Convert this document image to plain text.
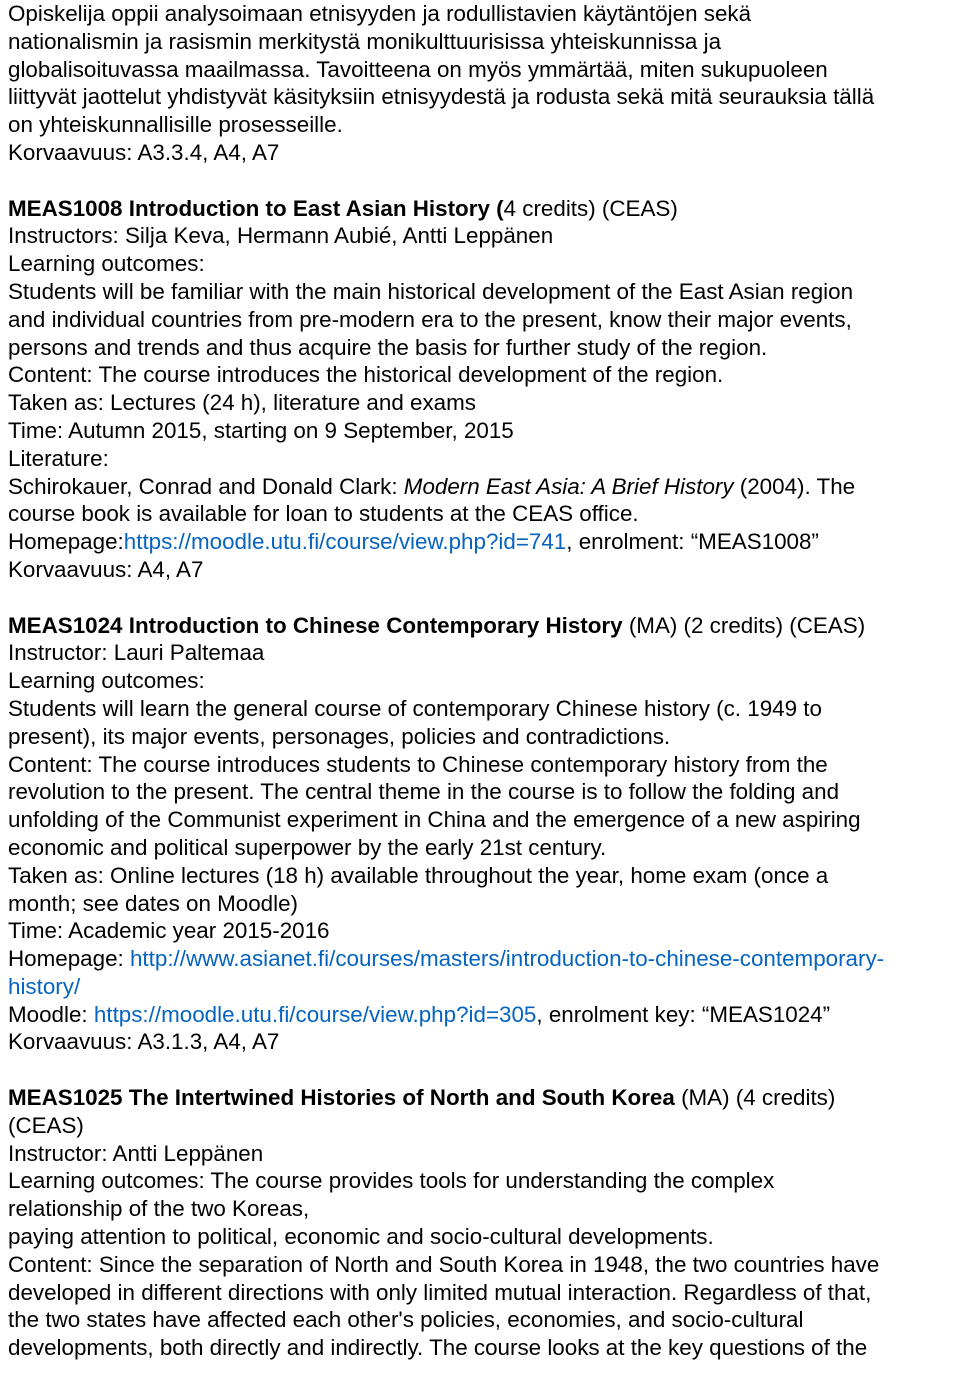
Opiskelija oppii analysoimaan etnisyyden ja rodullistavien käytäntöjen sekä
nationalismin ja rasismin merkitystä monikulttuurisissa yhteiskunnissa ja
globalisoituvassa maailmassa. Tavoitteena on myös ymmärtää, miten sukupuoleen
liittyvät jaottelut yhdistyvät käsityksiin etnisyydestä ja rodusta sekä mitä seurauksia tällä
on yhteiskunnallisille prosesseille.
Korvaavuus: A3.3.4, A4, A7
MEAS1008 Introduction to East Asian History (4 credits) (CEAS)
Instructors: Silja Keva, Hermann Aubié, Antti Leppänen
Learning outcomes:
Students will be familiar with the main historical development of the East Asian region
and individual countries from pre-modern era to the present, know their major events,
persons and trends and thus acquire the basis for further study of the region.
Content: The course introduces the historical development of the region.
Taken as: Lectures (24 h), literature and exams
Time: Autumn 2015, starting on 9 September, 2015
Literature:
Schirokauer, Conrad and Donald Clark: Modern East Asia: A Brief History (2004). The
course book is available for loan to students at the CEAS office.
Homepage:https://moodle.utu.fi/course/view.php?id=741, enrolment: “MEAS1008”
Korvaavuus: A4, A7
MEAS1024 Introduction to Chinese Contemporary History (MA) (2 credits) (CEAS)
Instructor: Lauri Paltemaa
Learning outcomes:
Students will learn the general course of contemporary Chinese history (c. 1949 to
present), its major events, personages, policies and contradictions.
Content: The course introduces students to Chinese contemporary history from the
revolution to the present. The central theme in the course is to follow the folding and
unfolding of the Communist experiment in China and the emergence of a new aspiring
economic and political superpower by the early 21st century.
Taken as: Online lectures (18 h) available throughout the year, home exam (once a
month; see dates on Moodle)
Time: Academic year 2015-2016
Homepage: http://www.asianet.fi/courses/masters/introduction-to-chinese-contemporary-
history/
Moodle: https://moodle.utu.fi/course/view.php?id=305, enrolment key: “MEAS1024”
Korvaavuus: A3.1.3, A4, A7
MEAS1025 The Intertwined Histories of North and South Korea (MA) (4 credits)
(CEAS)
Instructor: Antti Leppänen
Learning outcomes: The course provides tools for understanding the complex
relationship of the two Koreas,
paying attention to political, economic and socio-cultural developments.
Content: Since the separation of North and South Korea in 1948, the two countries have
developed in different directions with only limited mutual interaction. Regardless of that,
the two states have affected each other's policies, economies, and socio-cultural
developments, both directly and indirectly. The course looks at the key questions of the
